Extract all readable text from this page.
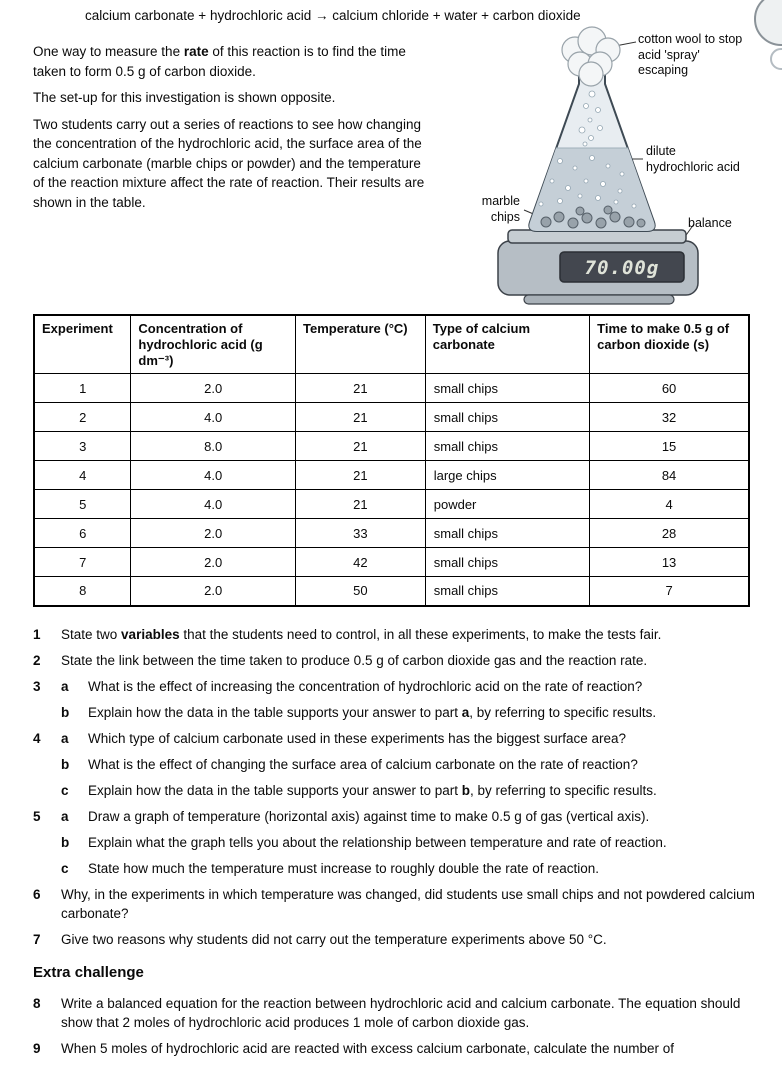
calcium carbonate + hydrochloric acid → calcium chloride + water + carbon dioxide

One way to measure the rate of this reaction is to find the time taken to form 0.5 g of carbon dioxide.

The set-up for this investigation is shown opposite.

Two students carry out a series of reactions to see how changing the concentration of the hydrochloric acid, the surface area of the calcium carbonate (marble chips or powder) and the temperature of the reaction mixture affect the rate of reaction. Their results are shown in the table.

70.00g
cotton wool to stop acid 'spray' escaping
dilute hydrochloric acid
marble chips	balance
Experiment	Concentration of hydrochloric acid (g dm⁻³)	Temperature (°C)	Type of calcium carbonate	Time to make 0.5 g of carbon dioxide (s)
1	2.0	21	small chips	60
2	4.0	21	small chips	32
3	8.0	21	small chips	15
4	4.0	21	large chips	84
5	4.0	21	powder	4
6	2.0	33	small chips	28
7	2.0	42	small chips	13
8	2.0	50	small chips	7
1	State two variables that the students need to control, in all these experiments, to make the tests fair.
2	State the link between the time taken to produce 0.5 g of carbon dioxide gas and the reaction rate.
3	a	What is the effect of increasing the concentration of hydrochloric acid on the rate of reaction?
b	Explain how the data in the table supports your answer to part a, by referring to specific results.
4	a	Which type of calcium carbonate used in these experiments has the biggest surface area?
b	What is the effect of changing the surface area of calcium carbonate on the rate of reaction?
c	Explain how the data in the table supports your answer to part b, by referring to specific results.
5	a	Draw a graph of temperature (horizontal axis) against time to make 0.5 g of gas (vertical axis).
b	Explain what the graph tells you about the relationship between temperature and rate of reaction.
c	State how much the temperature must increase to roughly double the rate of reaction.
6	Why, in the experiments in which temperature was changed, did students use small chips and not powdered calcium carbonate?
7	Give two reasons why students did not carry out the temperature experiments above 50 °C.
Extra challenge
8	Write a balanced equation for the reaction between hydrochloric acid and calcium carbonate. The equation should show that 2 moles of hydrochloric acid produces 1 mole of carbon dioxide gas.
9	When 5 moles of hydrochloric acid are reacted with excess calcium carbonate, calculate the number of
